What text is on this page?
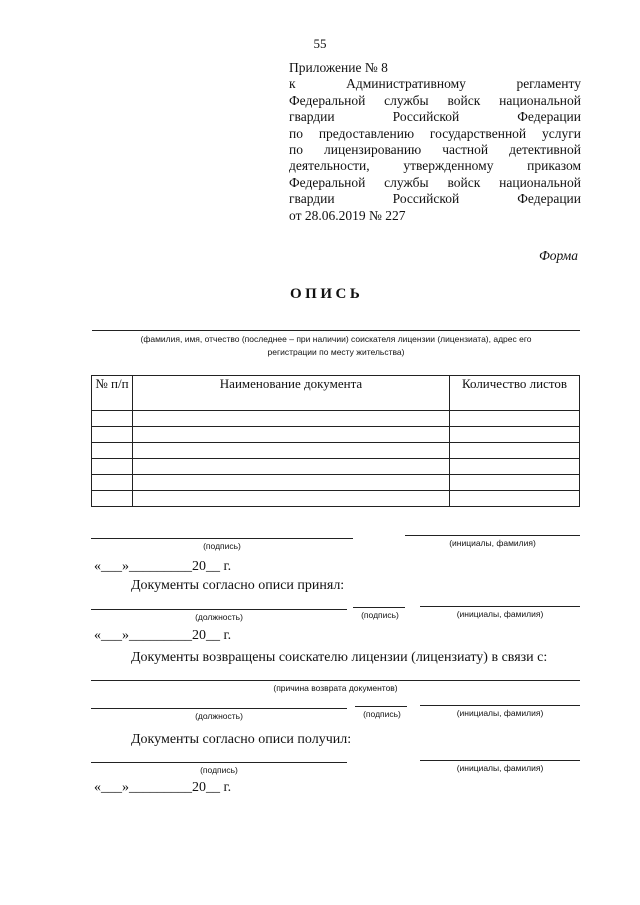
55
Приложение № 8
к Административному регламенту
Федеральной службы войск национальной
гвардии Российской Федерации
по предоставлению государственной услуги
по лицензированию частной детективной
деятельности, утвержденному приказом
Федеральной службы войск национальной
гвардии Российской Федерации
от 28.06.2019 № 227
Форма
ОПИСЬ
(фамилия, имя, отчество (последнее – при наличии) соискателя лицензии (лицензиата), адрес его
регистрации по месту жительства)
№ п/п	Наименование документа	Количество листов

(подпись)	(инициалы, фамилия)
«___»_________20__ г.
Документы согласно описи принял:
(должность)	(подпись)	(инициалы, фамилия)
«___»_________20__ г.
Документы возвращены соискателю лицензии (лицензиату) в связи с:
(причина возврата документов)
(должность)	(подпись)	(инициалы, фамилия)
Документы согласно описи получил:
(подпись)	(инициалы, фамилия)
«___»_________20__ г.
